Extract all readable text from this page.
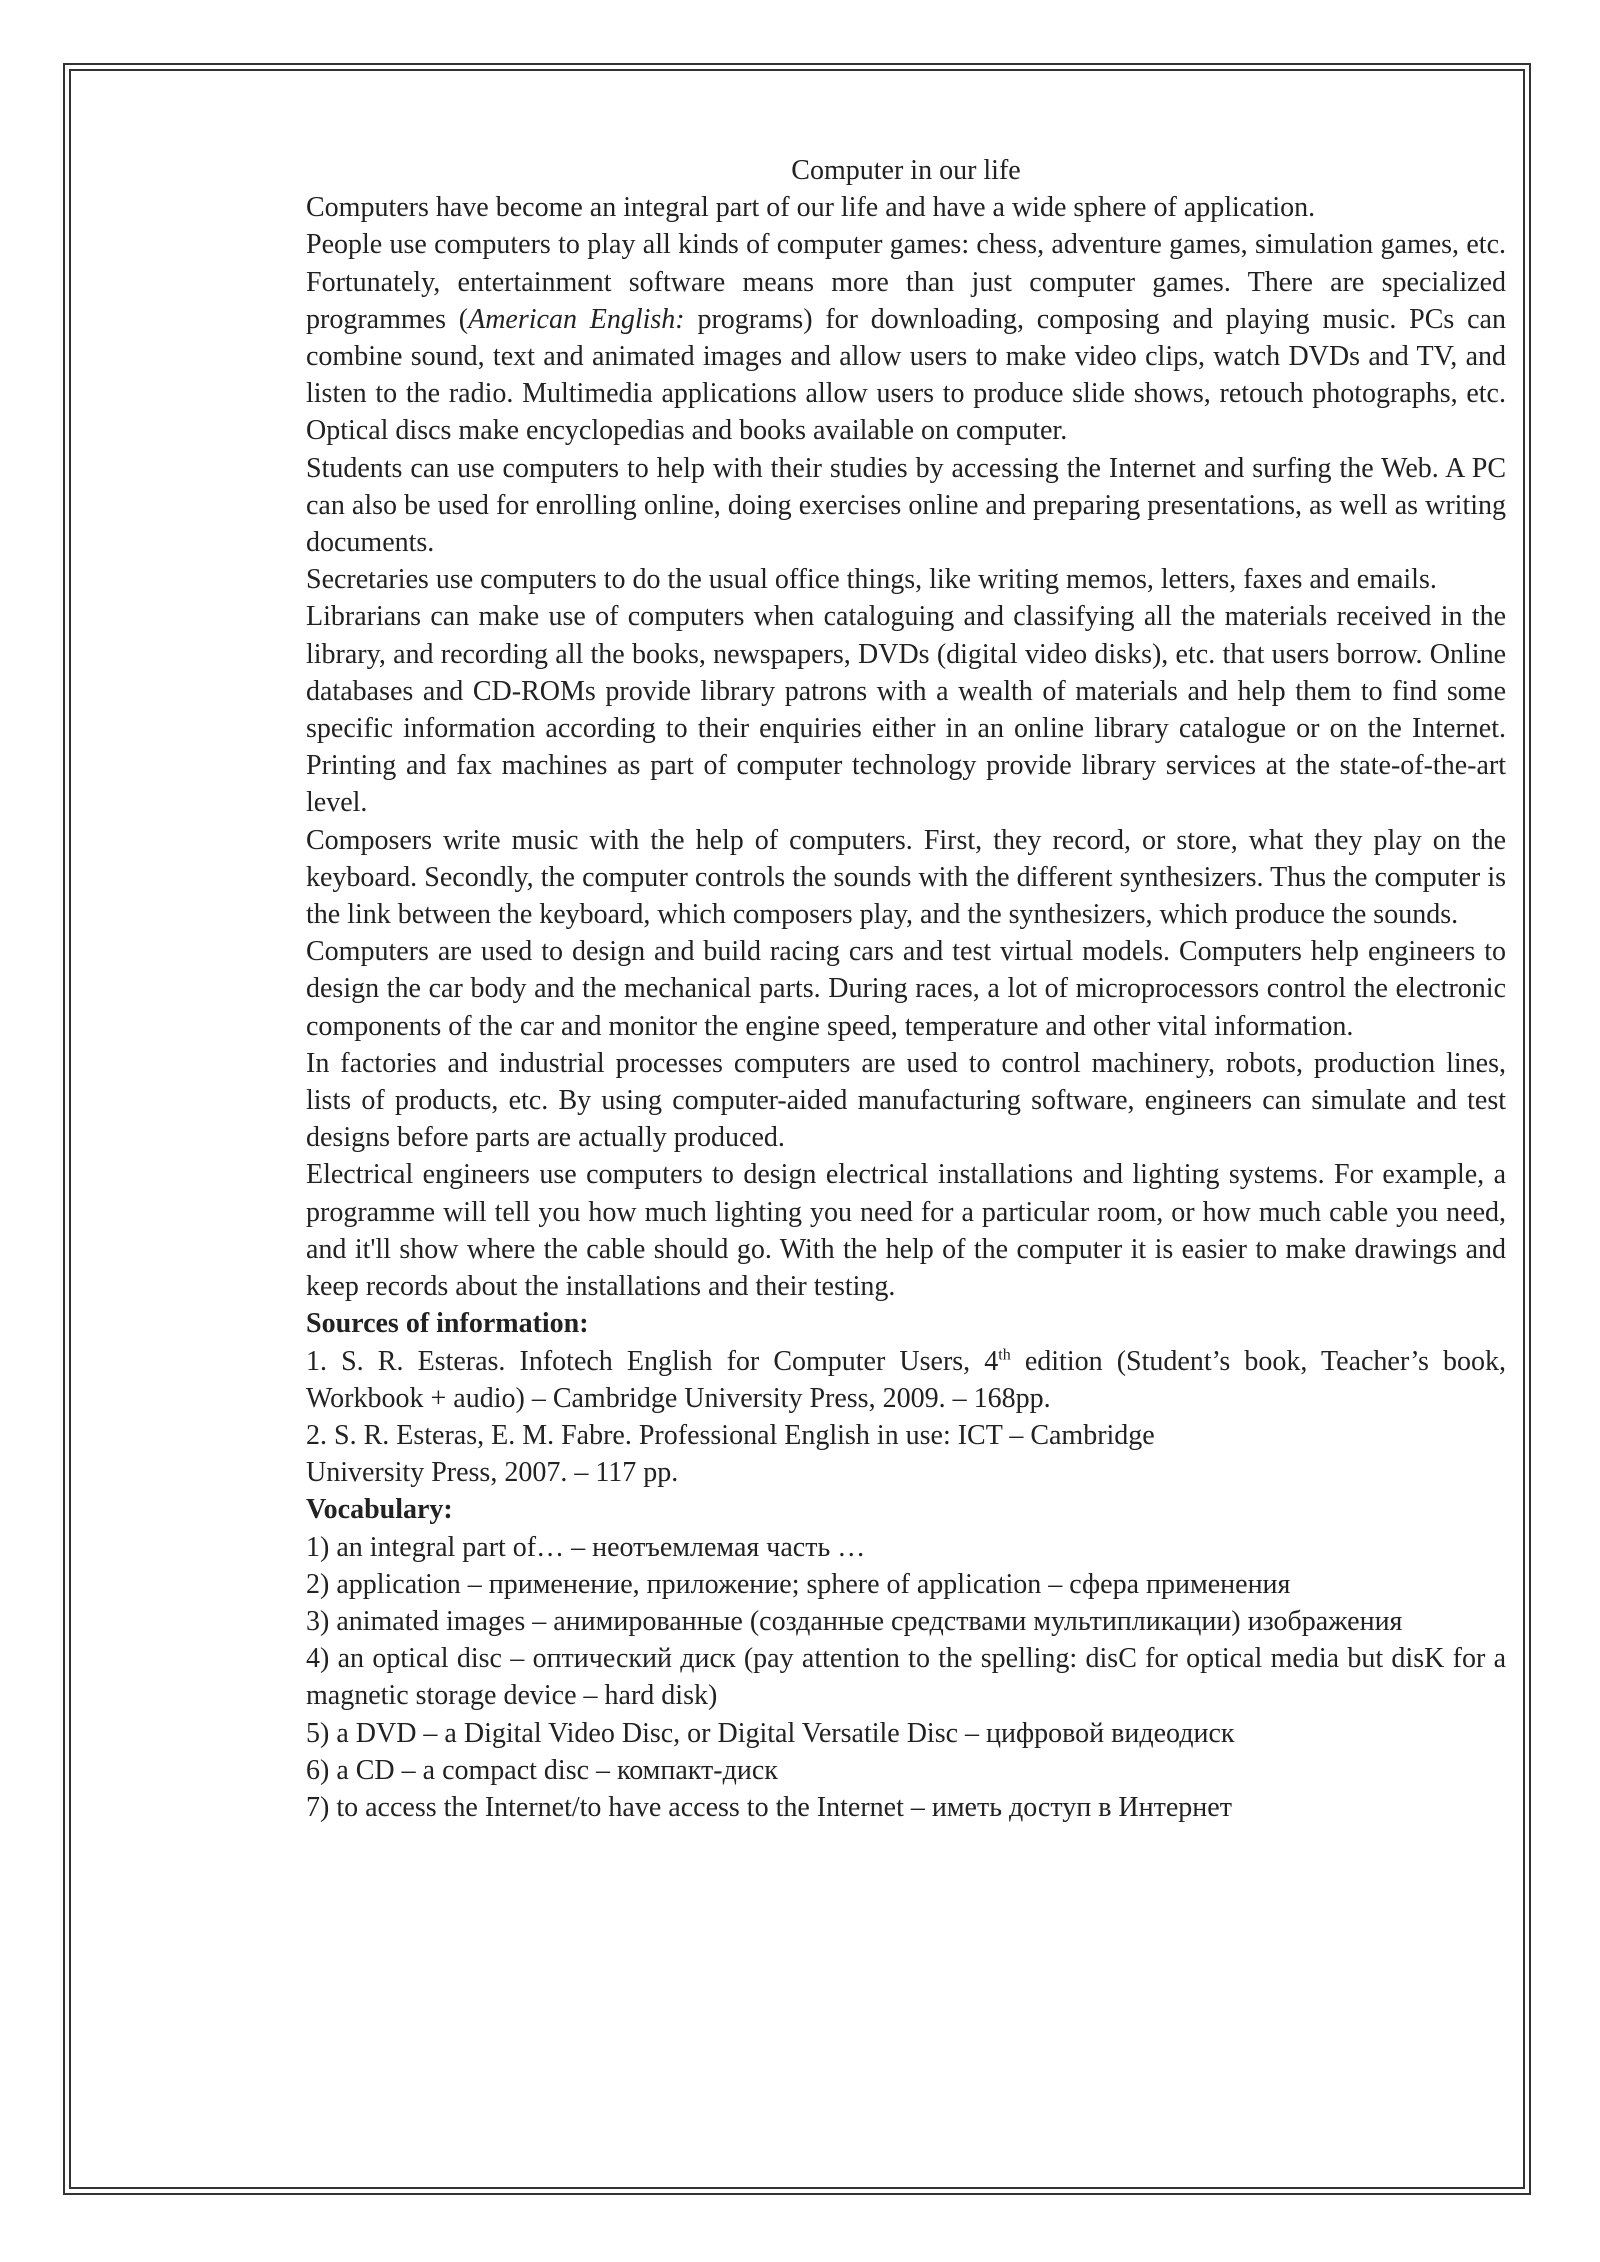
Computer in our life

Computers have become an integral part of our life and have a wide sphere of application.

People use computers to play all kinds of computer games: chess, adventure games, simulation games, etc. Fortunately, entertainment software means more than just computer games. There are specialized programmes (American English: programs) for downloading, composing and playing music. PCs can combine sound, text and animated images and allow users to make video clips, watch DVDs and TV, and listen to the radio. Multimedia applications allow users to produce slide shows, retouch photographs, etc. Optical discs make encyclopedias and books available on computer.

Students can use computers to help with their studies by accessing the Internet and surfing the Web. A PC can also be used for enrolling online, doing exercises online and preparing presentations, as well as writing documents.

Secretaries use computers to do the usual office things, like writing memos, letters, faxes and emails.

Librarians can make use of computers when cataloguing and classifying all the materials received in the library, and recording all the books, newspapers, DVDs (digital video disks), etc. that users borrow. Online databases and CD-ROMs provide library patrons with a wealth of materials and help them to find some specific information according to their enquiries either in an online library catalogue or on the Internet. Printing and fax machines as part of computer technology provide library services at the state-of-the-art level.

Composers write music with the help of computers. First, they record, or store, what they play on the keyboard. Secondly, the computer controls the sounds with the different synthesizers. Thus the computer is the link between the keyboard, which composers play, and the synthesizers, which produce the sounds.

Computers are used to design and build racing cars and test virtual models. Computers help engineers to design the car body and the mechanical parts. During races, a lot of microprocessors control the electronic components of the car and monitor the engine speed, temperature and other vital information.

In factories and industrial processes computers are used to control machinery, robots, production lines, lists of products, etc. By using computer-aided manufacturing software, engineers can simulate and test designs before parts are actually produced.

Electrical engineers use computers to design electrical installations and lighting systems. For example, a programme will tell you how much lighting you need for a particular room, or how much cable you need, and it'll show where the cable should go. With the help of the computer it is easier to make drawings and keep records about the installations and their testing.

Sources of information:

1. S. R. Esteras. Infotech English for Computer Users, 4th edition (Student’s book, Teacher’s book, Workbook + audio) – Cambridge University Press, 2009. – 168pp.

2. S. R. Esteras, E. M. Fabre. Professional English in use: ICT – Cambridge

University Press, 2007. – 117 pp.

Vocabulary:

1) an integral part of… – неотъемлемая часть …

2) application – применение, приложение; sphere of application – сфера применения

3) animated images – анимированные (созданные средствами мультипликации) изображения

4) an optical disc – оптический диск (pay attention to the spelling: disC for optical media but disK for a magnetic storage device – hard disk)

5) a DVD – a Digital Video Disc, or Digital Versatile Disc – цифровой видеодиск

6) a CD – a compact disc – компакт-диск

7) to access the Internet/to have access to the Internet – иметь доступ в Интернет
